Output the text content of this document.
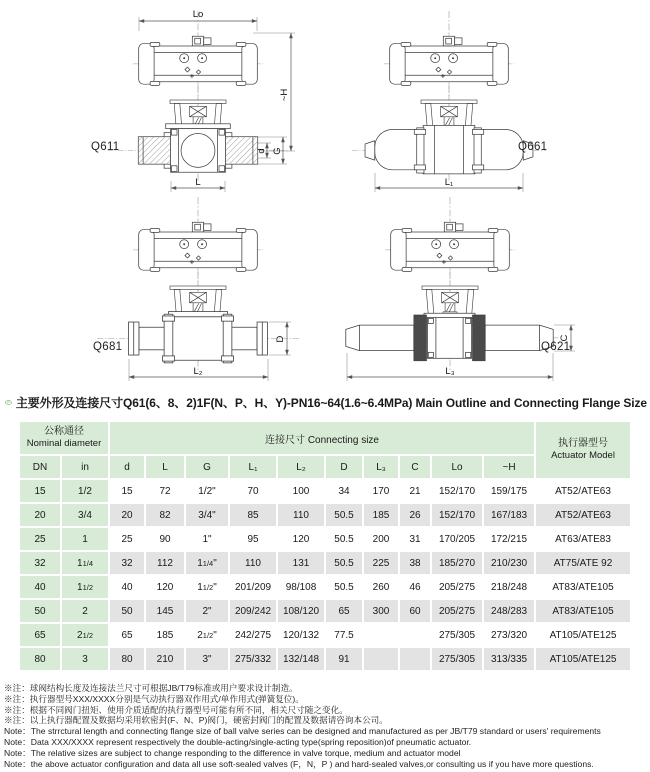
Lo
~H
d G
L
Q611
L₁
Q661
D
L₂
Q681
C
L₃
Q621
主要外形及连接尺寸Q61(6、8、2)1F(N、P、H、Y)-PN16~64(1.6~6.4MPa) Main Outline and Connecting Flange Size
公称通径
Nominal diameter		连接尺寸 Connecting size										执行器型号
Actuator Model

DN	in	d	L	G	L₁	L₂	D	L₃	C	Lo	~H	
15	1/2	15	72	1/2"	70	100	34	170	21	152/170	159/175	AT52/ATE63
20	3/4	20	82	3/4"	85	110	50.5	185	26	152/170	167/183	AT52/ATE63
25	1	25	90	1"	95	120	50.5	200	31	170/205	172/215	AT63/ATE83
32	11/4	32	112	11/4"	110	131	50.5	225	38	185/270	210/230	AT75/ATE 92
40	11/2	40	120	11/2"	201/209	98/108	50.5	260	46	205/275	218/248	AT83/ATE105
50	2	50	145	2"	209/242	108/120	65	300	60	205/275	248/283	AT83/ATE105
65	21/2	65	185	21/2"	242/275	120/132	77.5			275/305	273/320	AT105/ATE125
80	3	80	210	3"	275/332	132/148	91			275/305	313/335	AT105/ATE125
※注：球阀结构长度及连接法兰尺寸可根据JB/T79标准或用户要求设计制造。
※注：执行器型号XXX/XXXX分别是气动执行器双作用式/单作用式(弹簧复位)。
※注：根据不同阀门扭矩、使用介质适配的执行器型号可能有所不同，相关尺寸随之变化。
※注：以上执行器配置及数据均采用软密封(F、N、P)阀门，硬密封阀门的配置及数据请咨询本公司。
Note：The strrctural length and connecting flange size of ball valve series can be designed and manufactured as per JB/T79 standard or users' requirements
Note：Data XXX/XXXX represent respectively the double-acting/single-acting type(spring reposition)of pneumatic actuator.
Note：The relative sizes are subject to change responding to the difference in valve torque, medium and actuator model
Note：the above actuator configuration and data all use soft-sealed valves (F，N，P ) and hard-sealed valves,or consulting us if you have more questions.
